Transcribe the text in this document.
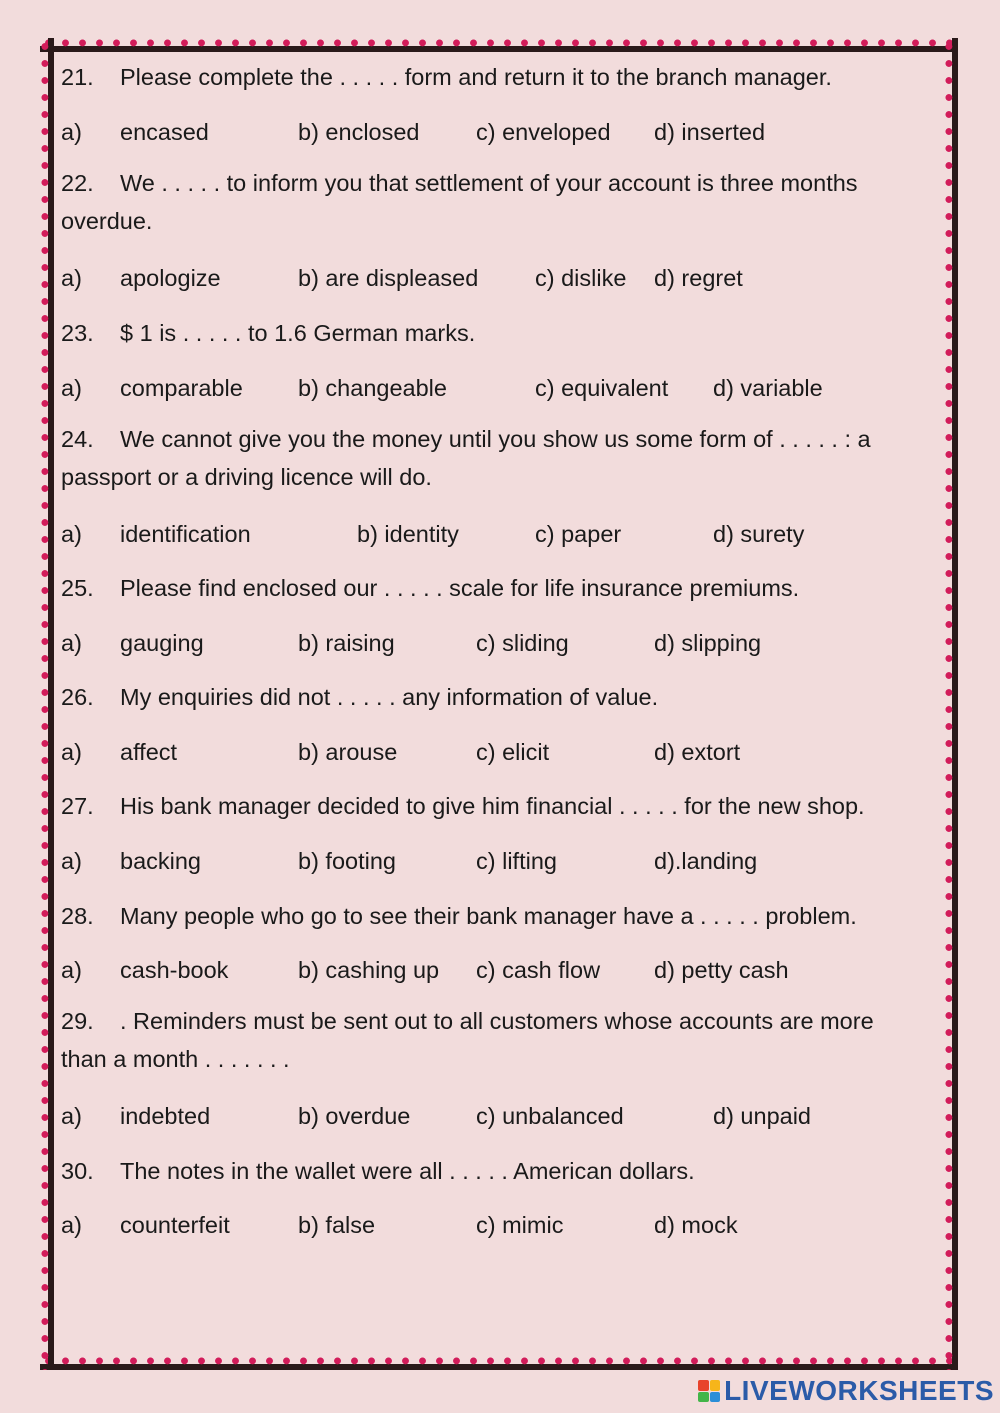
21.	Please complete the . . . . . form and return it to the branch manager.
a) encased	b) enclosed c) enveloped d) inserted
22. We . . . . . to inform you that settlement of your account is three months overdue.
a) apologize	b) are displeased c) dislike d) regret
23.	$ 1 is . . . . . to 1.6 German marks.
a) comparable b) changeable	c) equivalent d) variable
24. We cannot give you the money until you show us some form of . . . . . : a passport or a driving licence will do.
a) identification	b) identity	c) paper	d) surety
25.	Please find enclosed our . . . . . scale for life insurance premiums.
a) gauging	b) raising	c) sliding	d) slipping
26.	My enquiries did not . . . . . any information of value.
a) affect	b) arouse	c) elicit	d) extort
27.	His bank manager decided to give him financial . . . . . for the new shop.
a) backing	b) footing	c) lifting	d).landing
28.	Many people who go to see their bank manager have a . . . . . problem.
a) cash-book	b) cashing up c) cash flow d) petty cash
29. . Reminders must be sent out to all customers whose accounts are more than a month . . . . . . .
a) indebted	b) overdue	c) unbalanced	d) unpaid
30.	The notes in the wallet were all . . . . . American dollars.
a) counterfeit	b) false	c) mimic	d) mock
LIVEWORKSHEETS
